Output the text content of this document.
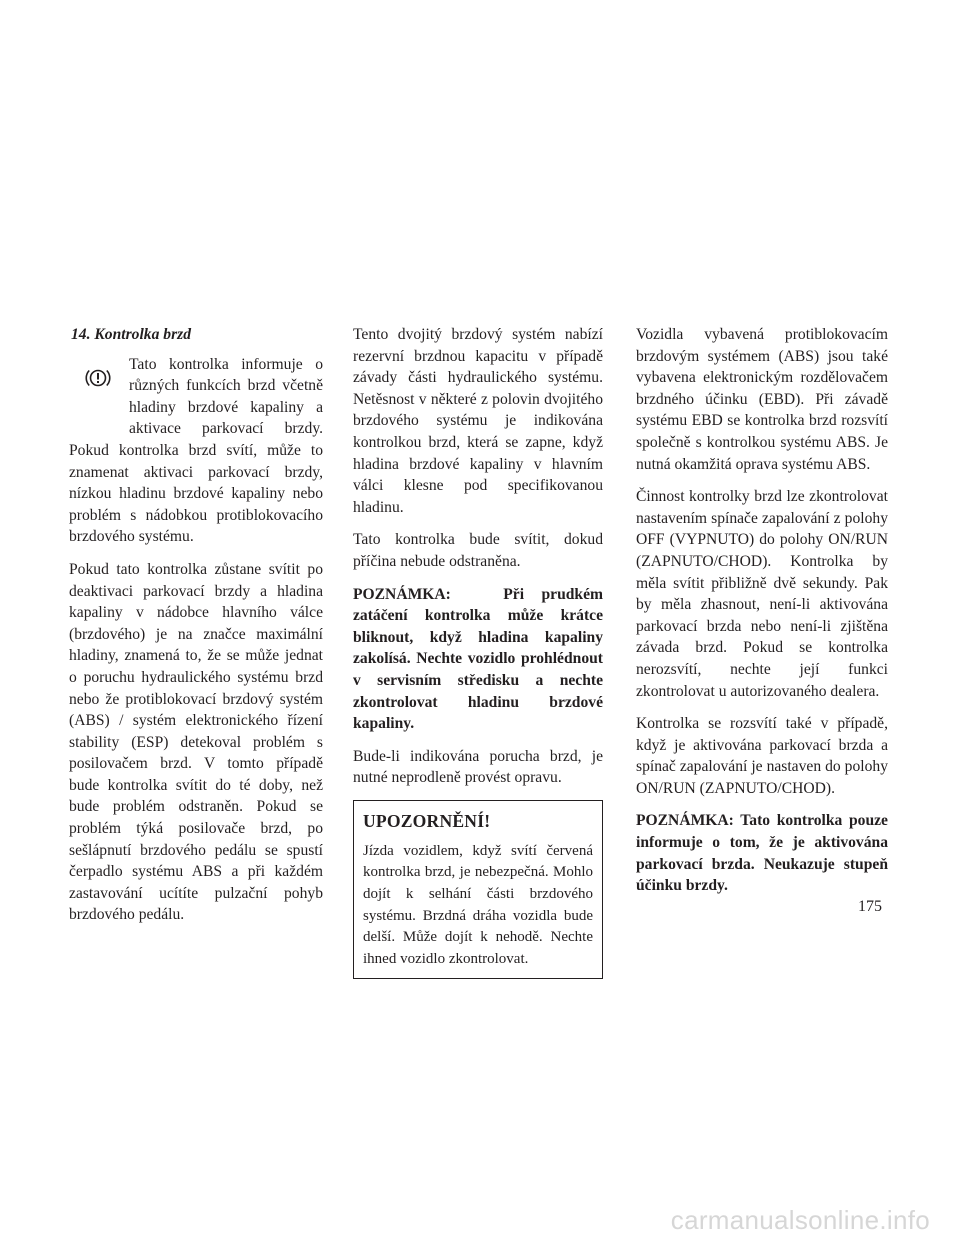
14. Kontrolka brzd

Tato kontrolka informuje o různých funkcích brzd včetně hladiny brzdové kapaliny a aktivace parkovací brzdy. Pokud kontrolka brzd svítí, může to znamenat aktivaci parkovací brzdy, nízkou hladinu brzdové kapaliny nebo problém s nádobkou protiblokovacího brzdového systému.

Pokud tato kontrolka zůstane svítit po deaktivaci parkovací brzdy a hladina kapaliny v nádobce hlavního válce (brzdového) je na značce maximální hladiny, znamená to, že se může jednat o poruchu hydraulického systému brzd nebo že protiblokovací brzdový systém (ABS) / systém elektronického řízení stability (ESP) detekoval problém s posilovačem brzd. V tomto případě bude kontrolka svítit do té doby, než bude problém odstraněn. Pokud se problém týká posilovače brzd, po sešlápnutí brzdového pedálu se spustí čerpadlo systému ABS a při každém zastavování ucítíte pulzační pohyb brzdového pedálu.

Tento dvojitý brzdový systém nabízí rezervní brzdnou kapacitu v případě závady části hydraulického systému. Netěsnost v některé z polovin dvojitého brzdového systému je indikována kontrolkou brzd, která se zapne, když hladina brzdové kapaliny v hlavním válci klesne pod specifikovanou hladinu.

Tato kontrolka bude svítit, dokud příčina nebude odstraněna.

POZNÁMKA:	Při prudkém zatáčení kontrolka může krátce bliknout, když hladina kapaliny zakolísá. Nechte vozidlo prohlédnout v servisním středisku a nechte zkontrolovat hladinu brzdové kapaliny.

Bude-li indikována porucha brzd, je nutné neprodleně provést opravu.

UPOZORNĚNÍ!

Jízda vozidlem, když svítí červená kontrolka brzd, je nebezpečná. Mohlo dojít k selhání části brzdového systému. Brzdná dráha vozidla bude delší. Může dojít k nehodě. Nechte ihned vozidlo zkontrolovat.

Vozidla vybavená protiblokovacím brzdovým systémem (ABS) jsou také vybavena elektronickým rozdělovačem brzdného účinku (EBD). Při závadě systému EBD se kontrolka brzd rozsvítí společně s kontrolkou systému ABS. Je nutná okamžitá oprava systému ABS.

Činnost kontrolky brzd lze zkontrolovat nastavením spínače zapalování z polohy OFF (VYPNUTO) do polohy ON/RUN (ZAPNUTO/CHOD). Kontrolka by měla svítit přibližně dvě sekundy. Pak by měla zhasnout, není-li aktivována parkovací brzda nebo není-li zjištěna závada brzd. Pokud se kontrolka nerozsvítí, nechte její funkci zkontrolovat u autorizovaného dealera.

Kontrolka se rozsvítí také v případě, když je aktivována parkovací brzda a spínač zapalování je nastaven do polohy ON/RUN (ZAPNUTO/CHOD).

POZNÁMKA: Tato kontrolka pouze informuje o tom, že je aktivována parkovací brzda. Neukazuje stupeň účinku brzdy.

175
carmanualsonline.info
